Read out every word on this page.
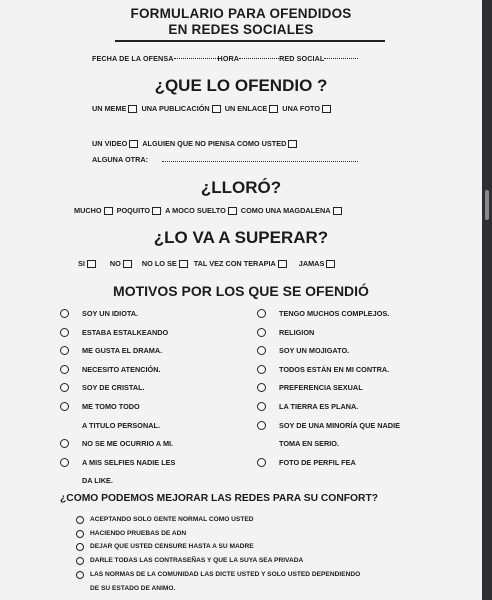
FORMULARIO PARA OFENDIDOS
EN REDES SOCIALES
FECHA DE LA OFENSA	HORA	RED SOCIAL
¿QUE LO OFENDIO ?
UN MEME UNA PUBLICACIÓN UN ENLACE UNA FOTO
UN VIDEO ALGUIEN QUE NO PIENSA COMO USTED
ALGUNA OTRA:
¿LLORÓ?
MUCHO POQUITO A MOCO SUELTO COMO UNA MAGDALENA
¿LO VA A SUPERAR?
SI	NO	NO LO SE TAL VEZ CON TERAPIA	JAMAS
MOTIVOS POR LOS QUE SE OFENDIÓ
SOY UN IDIOTA.
ESTABA ESTALKEANDO
ME GUSTA EL DRAMA.
NECESITO ATENCIÓN.
SOY DE CRISTAL.
ME TOMO TODO
A TITULO PERSONAL.
NO SE ME OCURRIO A MI.
A MIS SELFIES NADIE LES
DA LIKE.
TENGO MUCHOS COMPLEJOS.
RELIGION
SOY UN MOJIGATO.
TODOS ESTÁN EN MI CONTRA.
PREFERENCIA SEXUAL
LA TIERRA ES PLANA.
SOY DE UNA MINORÍA QUE NADIE
TOMA EN SERIO.
FOTO DE PERFIL FEA
¿COMO PODEMOS MEJORAR LAS REDES PARA SU CONFORT?
ACEPTANDO SOLO GENTE NORMAL COMO USTED
HACIENDO PRUEBAS DE ADN
DEJAR QUE USTED CENSURE HASTA A SU MADRE
DARLE TODAS LAS CONTRASEÑAS Y QUE LA SUYA SEA PRIVADA
LAS NORMAS DE LA COMUNIDAD LAS DICTE USTED Y SOLO USTED DEPENDIENDO
DE SU ESTADO DE ANIMO.
